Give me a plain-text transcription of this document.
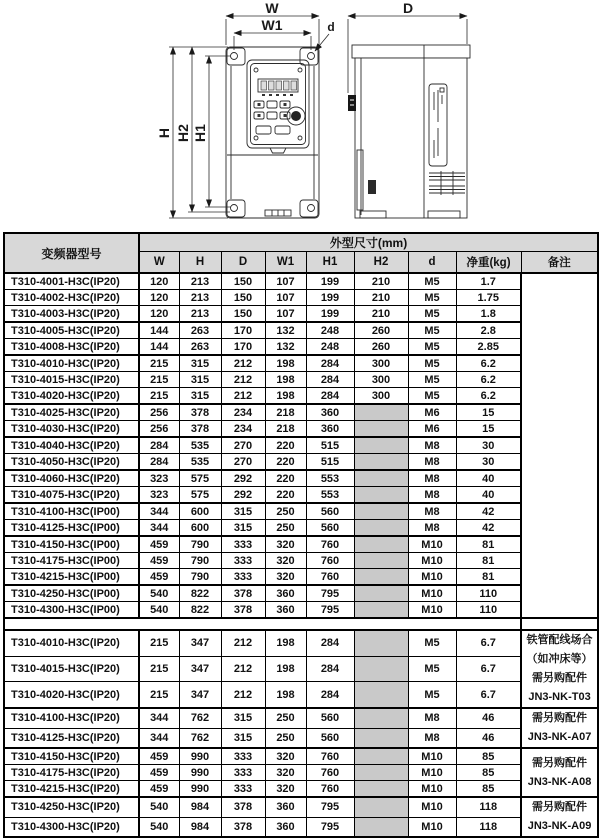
W
W1
H H2 H1
d
D
变频器型号	外型尺寸(mm)								
	W	H	D	W1	H1	H2	d	净重(kg)	备注
T310-4001-H3C(IP20)	120	213	150	107	199	210	M5	1.7	
T310-4002-H3C(IP20)	120	213	150	107	199	210	M5	1.75	
T310-4003-H3C(IP20)	120	213	150	107	199	210	M5	1.8	
T310-4005-H3C(IP20)	144	263	170	132	248	260	M5	2.8	
T310-4008-H3C(IP20)	144	263	170	132	248	260	M5	2.85	
T310-4010-H3C(IP20)	215	315	212	198	284	300	M5	6.2	
T310-4015-H3C(IP20)	215	315	212	198	284	300	M5	6.2	
T310-4020-H3C(IP20)	215	315	212	198	284	300	M5	6.2	
T310-4025-H3C(IP20)	256	378	234	218	360		M6	15	
T310-4030-H3C(IP20)	256	378	234	218	360		M6	15	
T310-4040-H3C(IP20)	284	535	270	220	515		M8	30	
T310-4050-H3C(IP20)	284	535	270	220	515		M8	30	
T310-4060-H3C(IP20)	323	575	292	220	553		M8	40	
T310-4075-H3C(IP20)	323	575	292	220	553		M8	40	
T310-4100-H3C(IP00)	344	600	315	250	560		M8	42	
T310-4125-H3C(IP00)	344	600	315	250	560		M8	42	
T310-4150-H3C(IP00)	459	790	333	320	760		M10	81	
T310-4175-H3C(IP00)	459	790	333	320	760		M10	81	
T310-4215-H3C(IP00)	459	790	333	320	760		M10	81	
T310-4250-H3C(IP00)	540	822	378	360	795		M10	110	
T310-4300-H3C(IP00)	540	822	378	360	795		M10	110	

T310-4010-H3C(IP20)	215	347	212	198	284		M5	6.7	铁管配线场合
（如冲床等）
需另购配件
JN3-NK-T03

T310-4015-H3C(IP20)	215	347	212	198	284		M5	6.7	
T310-4020-H3C(IP20)	215	347	212	198	284		M5	6.7	
T310-4100-H3C(IP20)	344	762	315	250	560		M8	46	需另购配件
JN3-NK-A07

T310-4125-H3C(IP20)	344	762	315	250	560		M8	46	
T310-4150-H3C(IP20)	459	990	333	320	760		M10	85	需另购配件
JN3-NK-A08

T310-4175-H3C(IP20)	459	990	333	320	760		M10	85	
T310-4215-H3C(IP20)	459	990	333	320	760		M10	85	
T310-4250-H3C(IP20)	540	984	378	360	795		M10	118	需另购配件
JN3-NK-A09

T310-4300-H3C(IP20)	540	984	378	360	795		M10	118	
